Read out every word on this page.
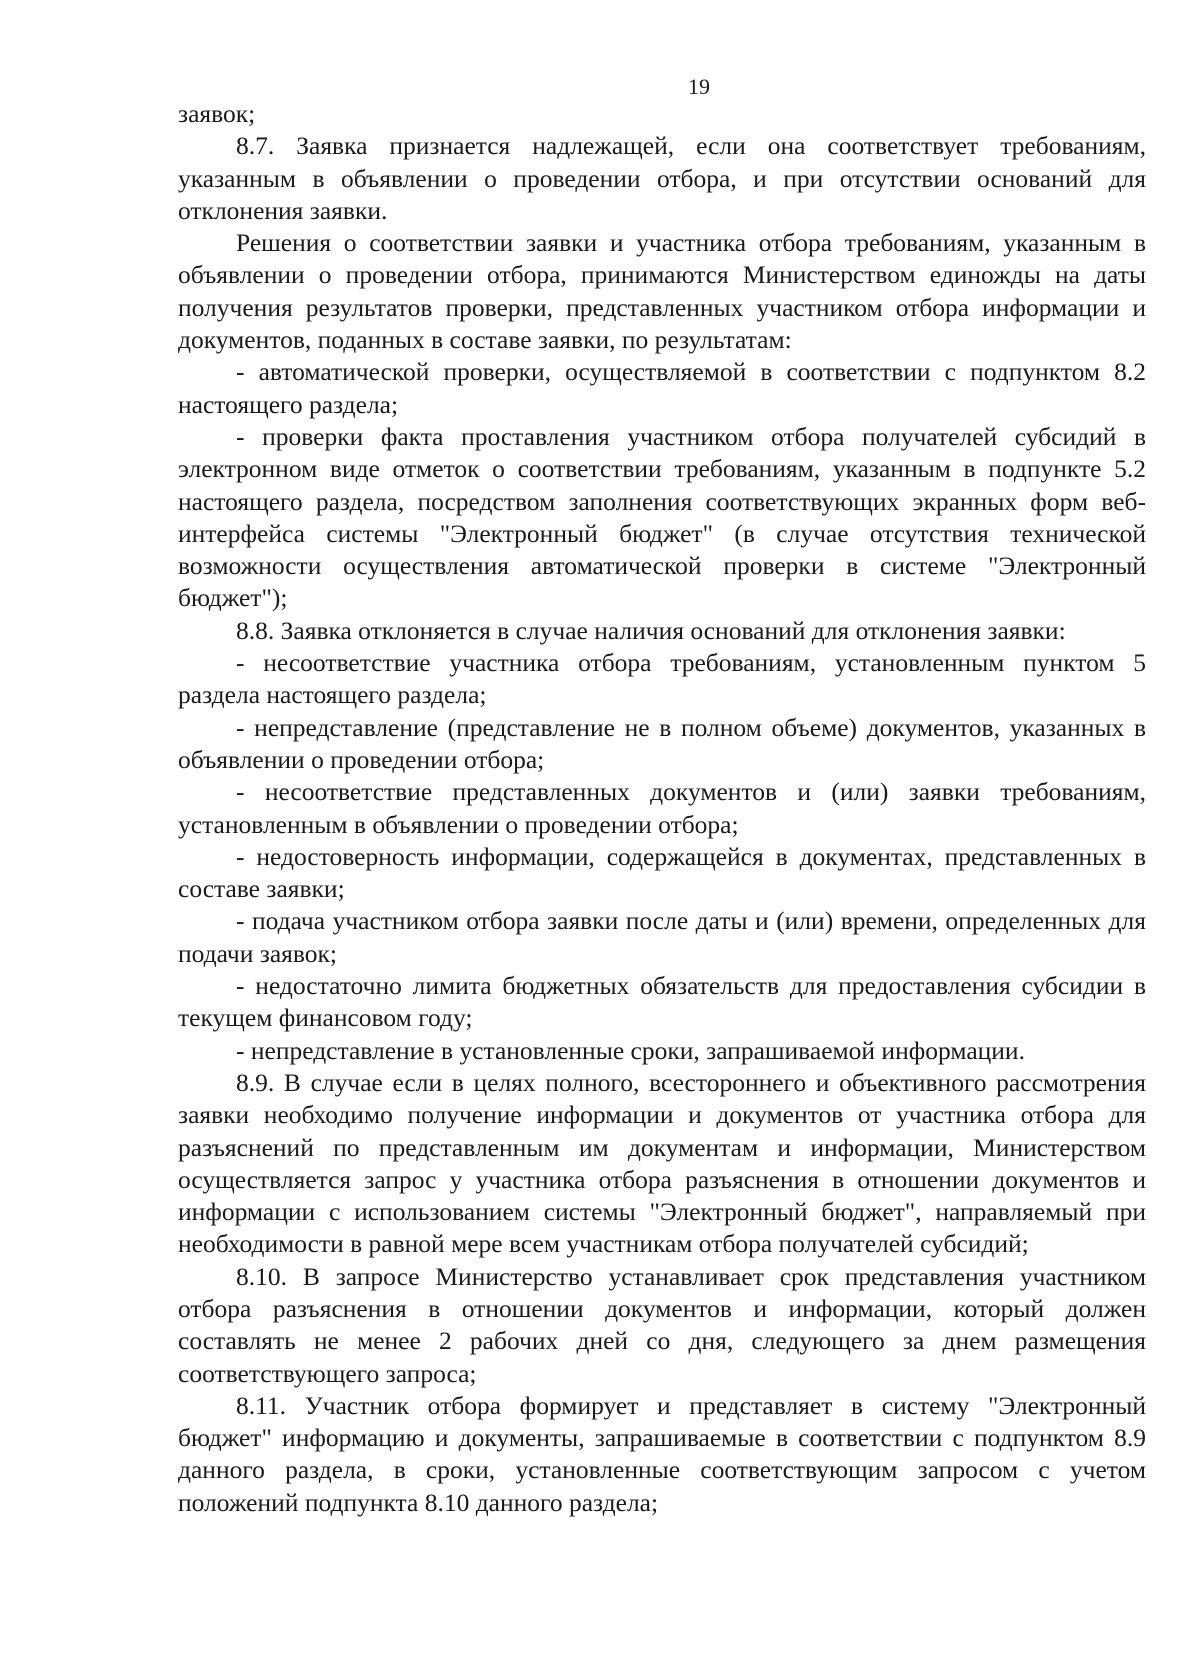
19

заявок;

8.7. Заявка признается надлежащей, если она соответствует требованиям, указанным в объявлении о проведении отбора, и при отсутствии оснований для отклонения заявки.

Решения о соответствии заявки и участника отбора требованиям, указанным в объявлении о проведении отбора, принимаются Министерством единожды на даты получения результатов проверки, представленных участником отбора информации и документов, поданных в составе заявки, по результатам:

- автоматической проверки, осуществляемой в соответствии с подпунктом 8.2 настоящего раздела;

- проверки факта проставления участником отбора получателей субсидий в электронном виде отметок о соответствии требованиям, указанным в подпункте 5.2 настоящего раздела, посредством заполнения соответствующих экранных форм веб-интерфейса системы "Электронный бюджет" (в случае отсутствия технической возможности осуществления автоматической проверки в системе "Электронный бюджет");

8.8. Заявка отклоняется в случае наличия оснований для отклонения заявки:

- несоответствие участника отбора требованиям, установленным пунктом 5 раздела настоящего раздела;

- непредставление (представление не в полном объеме) документов, указанных в объявлении о проведении отбора;

- несоответствие представленных документов и (или) заявки требованиям, установленным в объявлении о проведении отбора;

- недостоверность информации, содержащейся в документах, представленных в составе заявки;

- подача участником отбора заявки после даты и (или) времени, определенных для подачи заявок;

- недостаточно лимита бюджетных обязательств для предоставления субсидии в текущем финансовом году;

- непредставление в установленные сроки, запрашиваемой информации.

8.9. В случае если в целях полного, всестороннего и объективного рассмотрения заявки необходимо получение информации и документов от участника отбора для разъяснений по представленным им документам и информации, Министерством осуществляется запрос у участника отбора разъяснения в отношении документов и информации с использованием системы "Электронный бюджет", направляемый при необходимости в равной мере всем участникам отбора получателей субсидий;

8.10. В запросе Министерство устанавливает срок представления участником отбора разъяснения в отношении документов и информации, который должен составлять не менее 2 рабочих дней со дня, следующего за днем размещения соответствующего запроса;

8.11. Участник отбора формирует и представляет в систему "Электронный бюджет" информацию и документы, запрашиваемые в соответствии с подпунктом 8.9 данного раздела, в сроки, установленные соответствующим запросом с учетом положений подпункта 8.10 данного раздела;
